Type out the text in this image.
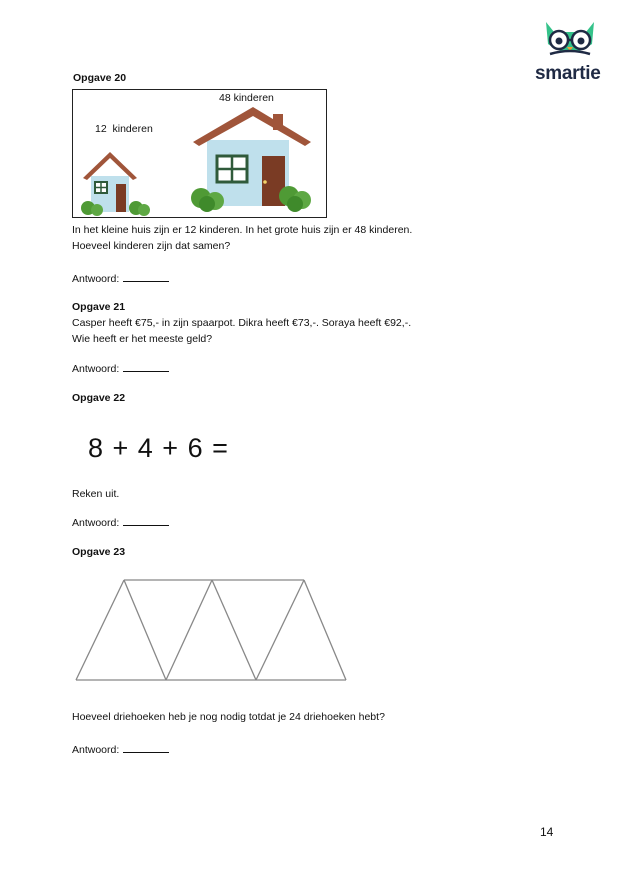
smartie
Opgave 20
12  kinderen
48 kinderen
In het kleine huis zijn er 12 kinderen. In het grote huis zijn er 48 kinderen.
Hoeveel kinderen zijn dat samen?
Antwoord:
Opgave 21
Casper heeft €75,- in zijn spaarpot. Dikra heeft €73,-. Soraya heeft €92,-.
Wie heeft er het meeste geld?
Antwoord:
Opgave 22
8 + 4 + 6 =
Reken uit.
Antwoord:
Opgave 23
Hoeveel driehoeken heb je nog nodig totdat je 24 driehoeken hebt?
Antwoord:
14
